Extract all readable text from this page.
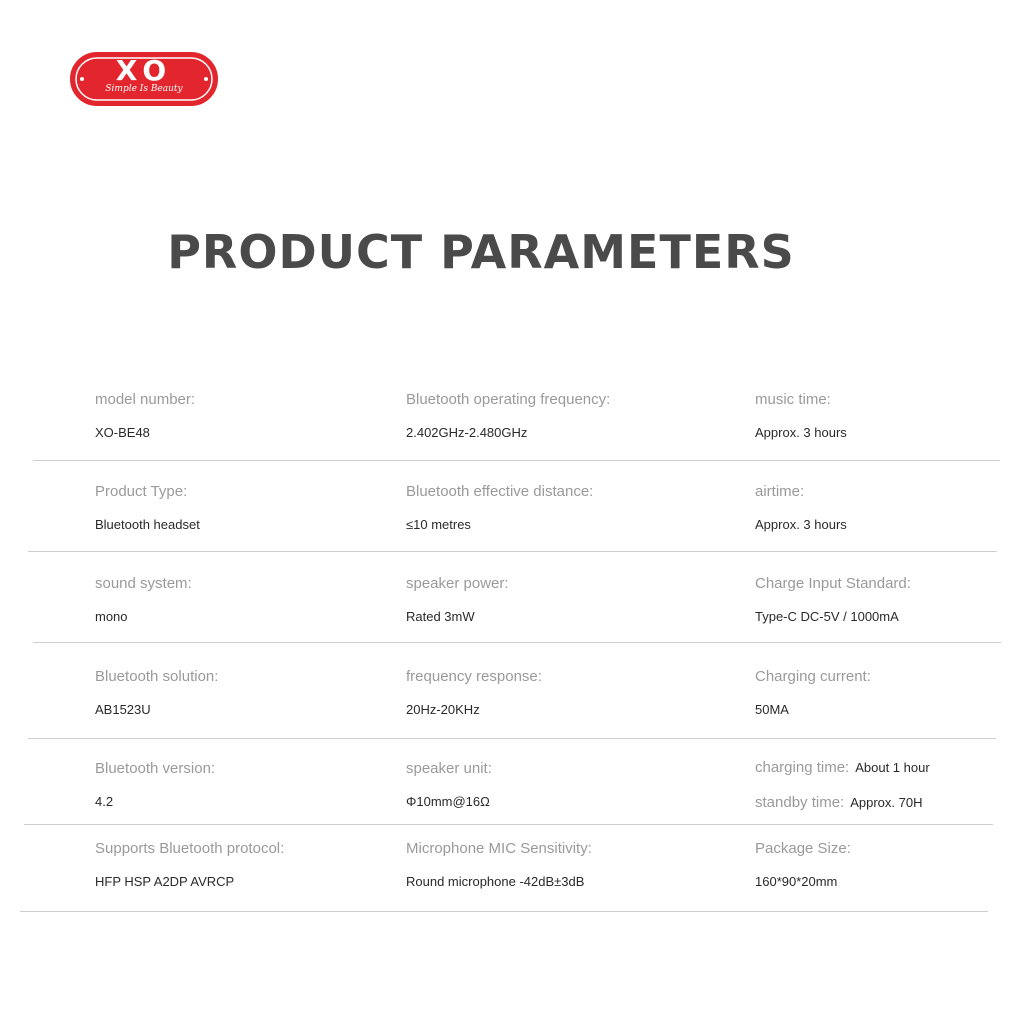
XO
Simple Is Beauty
PRODUCT PARAMETERS
model number:
XO-BE48
Bluetooth operating frequency:
2.402GHz-2.480GHz
music time:
Approx. 3 hours
Product Type:
Bluetooth headset
Bluetooth effective distance:
≤10 metres
airtime:
Approx. 3 hours
sound system:
mono
speaker power:
Rated 3mW
Charge Input Standard:
Type-C DC-5V / 1000mA
Bluetooth solution:
AB1523U
frequency response:
20Hz-20KHz
Charging current:
50MA
Bluetooth version:
4.2
speaker unit:
Φ10mm@16Ω
charging time: About 1 hour
standby time: Approx. 70H
Supports Bluetooth protocol:
HFP HSP A2DP AVRCP
Microphone MIC Sensitivity:
Round microphone -42dB±3dB
Package Size:
160*90*20mm
